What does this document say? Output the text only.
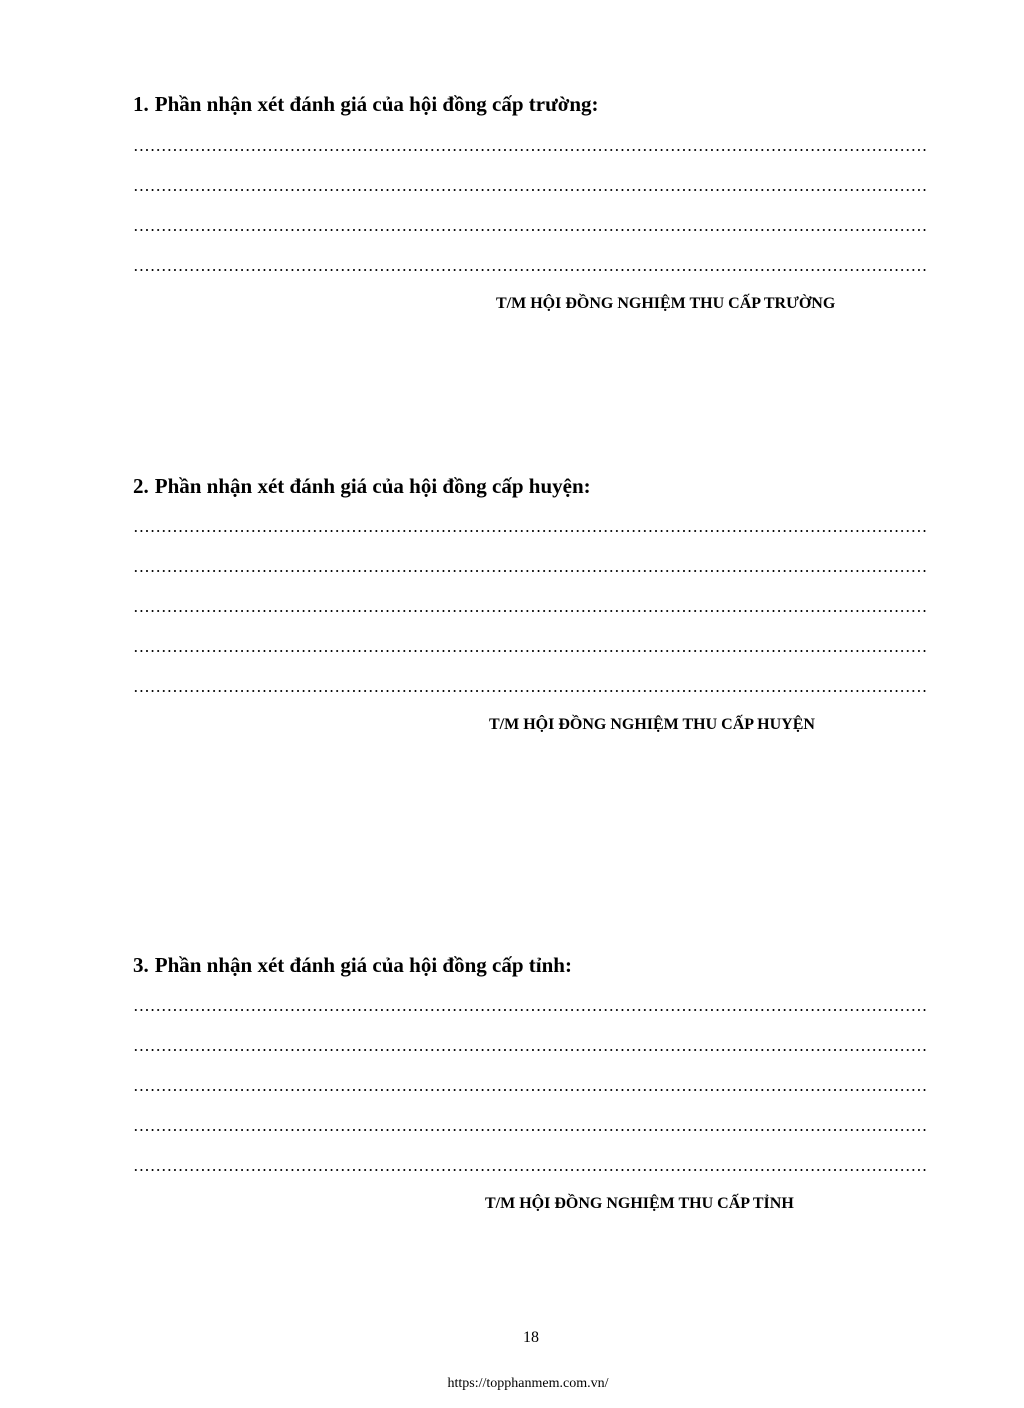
1. Phần nhận xét đánh giá của hội đồng cấp trường:
T/M HỘI ĐỒNG NGHIỆM THU CẤP TRƯỜNG
2. Phần nhận xét đánh giá của hội đồng cấp huyện:
T/M HỘI ĐỒNG NGHIỆM THU CẤP HUYỆN
3. Phần nhận xét đánh giá của hội đồng cấp tỉnh:
T/M HỘI ĐỒNG NGHIỆM THU CẤP TỈNH
18
https://topphanmem.com.vn/
